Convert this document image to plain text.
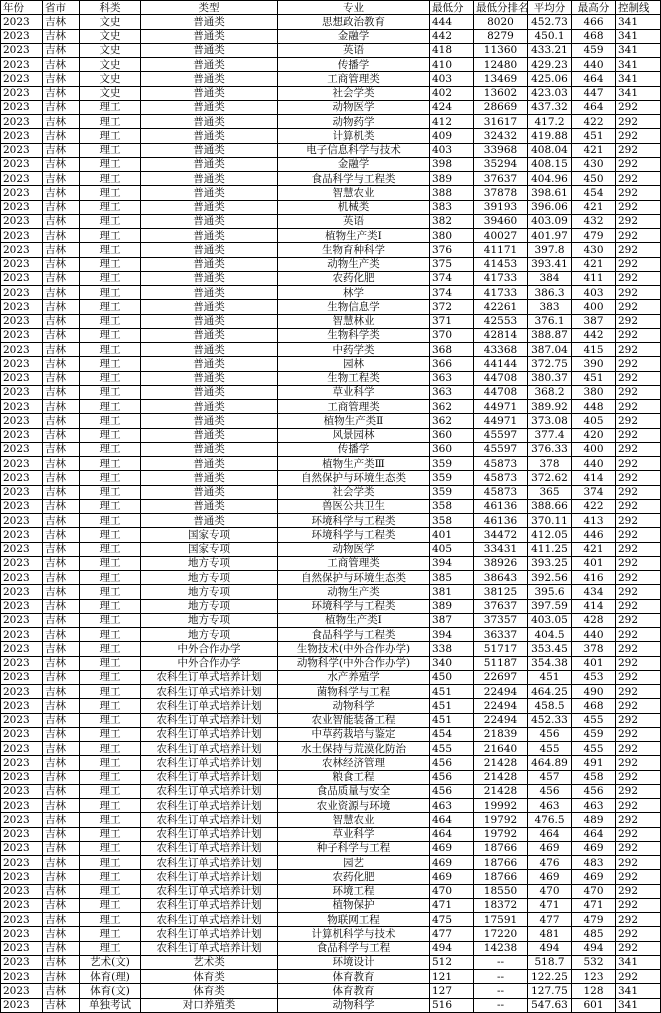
年份	省市	科类	类型	专业	最低分	最低分排名	平均分	最高分	控制线
2023	吉林	文史	普通类	思想政治教育	444	8020	452.73	466	341
2023	吉林	文史	普通类	金融学	442	8279	450.1	468	341
2023	吉林	文史	普通类	英语	418	11360	433.21	459	341
2023	吉林	文史	普通类	传播学	410	12480	429.23	440	341
2023	吉林	文史	普通类	工商管理类	403	13469	425.06	464	341
2023	吉林	文史	普通类	社会学类	402	13602	423.03	447	341
2023	吉林	理工	普通类	动物医学	424	28669	437.32	464	292
2023	吉林	理工	普通类	动物药学	412	31617	417.2	422	292
2023	吉林	理工	普通类	计算机类	409	32432	419.88	451	292
2023	吉林	理工	普通类	电子信息科学与技术	403	33968	408.04	421	292
2023	吉林	理工	普通类	金融学	398	35294	408.15	430	292
2023	吉林	理工	普通类	食品科学与工程类	389	37637	404.96	450	292
2023	吉林	理工	普通类	智慧农业	388	37878	398.61	454	292
2023	吉林	理工	普通类	机械类	383	39193	396.06	421	292
2023	吉林	理工	普通类	英语	382	39460	403.09	432	292
2023	吉林	理工	普通类	植物生产类Ⅰ	380	40027	401.97	479	292
2023	吉林	理工	普通类	生物育种科学	376	41171	397.8	430	292
2023	吉林	理工	普通类	动物生产类	375	41453	393.41	421	292
2023	吉林	理工	普通类	农药化肥	374	41733	384	411	292
2023	吉林	理工	普通类	林学	374	41733	386.3	403	292
2023	吉林	理工	普通类	生物信息学	372	42261	383	400	292
2023	吉林	理工	普通类	智慧林业	371	42553	376.1	387	292
2023	吉林	理工	普通类	生物科学类	370	42814	388.87	442	292
2023	吉林	理工	普通类	中药学类	368	43368	387.04	415	292
2023	吉林	理工	普通类	园林	366	44144	372.75	390	292
2023	吉林	理工	普通类	生物工程类	363	44708	380.37	451	292
2023	吉林	理工	普通类	草业科学	363	44708	368.2	380	292
2023	吉林	理工	普通类	工商管理类	362	44971	389.92	448	292
2023	吉林	理工	普通类	植物生产类Ⅱ	362	44971	373.08	405	292
2023	吉林	理工	普通类	风景园林	360	45597	377.4	420	292
2023	吉林	理工	普通类	传播学	360	45597	376.33	400	292
2023	吉林	理工	普通类	植物生产类Ⅲ	359	45873	378	440	292
2023	吉林	理工	普通类	自然保护与环境生态类	359	45873	372.62	414	292
2023	吉林	理工	普通类	社会学类	359	45873	365	374	292
2023	吉林	理工	普通类	兽医公共卫生	358	46136	388.66	422	292
2023	吉林	理工	普通类	环境科学与工程类	358	46136	370.11	413	292
2023	吉林	理工	国家专项	环境科学与工程类	401	34472	412.05	446	292
2023	吉林	理工	国家专项	动物医学	405	33431	411.25	421	292
2023	吉林	理工	地方专项	工商管理类	394	38926	393.25	401	292
2023	吉林	理工	地方专项	自然保护与环境生态类	385	38643	392.56	416	292
2023	吉林	理工	地方专项	动物生产类	381	38125	395.6	434	292
2023	吉林	理工	地方专项	环境科学与工程类	389	37637	397.59	414	292
2023	吉林	理工	地方专项	植物生产类Ⅰ	387	37357	403.05	428	292
2023	吉林	理工	地方专项	食品科学与工程类	394	36337	404.5	440	292
2023	吉林	理工	中外合作办学	生物技术(中外合作办学)	338	51717	353.45	378	292
2023	吉林	理工	中外合作办学	动物科学(中外合作办学)	340	51187	354.38	401	292
2023	吉林	理工	农科生订单式培养计划	水产养殖学	450	22697	451	453	292
2023	吉林	理工	农科生订单式培养计划	菌物科学与工程	451	22494	464.25	490	292
2023	吉林	理工	农科生订单式培养计划	动物科学	451	22494	458.5	468	292
2023	吉林	理工	农科生订单式培养计划	农业智能装备工程	451	22494	452.33	455	292
2023	吉林	理工	农科生订单式培养计划	中草药栽培与鉴定	454	21839	456	459	292
2023	吉林	理工	农科生订单式培养计划	水土保持与荒漠化防治	455	21640	455	455	292
2023	吉林	理工	农科生订单式培养计划	农林经济管理	456	21428	464.89	491	292
2023	吉林	理工	农科生订单式培养计划	粮食工程	456	21428	457	458	292
2023	吉林	理工	农科生订单式培养计划	食品质量与安全	456	21428	456	456	292
2023	吉林	理工	农科生订单式培养计划	农业资源与环境	463	19992	463	463	292
2023	吉林	理工	农科生订单式培养计划	智慧农业	464	19792	476.5	489	292
2023	吉林	理工	农科生订单式培养计划	草业科学	464	19792	464	464	292
2023	吉林	理工	农科生订单式培养计划	种子科学与工程	469	18766	469	469	292
2023	吉林	理工	农科生订单式培养计划	园艺	469	18766	476	483	292
2023	吉林	理工	农科生订单式培养计划	农药化肥	469	18766	469	469	292
2023	吉林	理工	农科生订单式培养计划	环境工程	470	18550	470	470	292
2023	吉林	理工	农科生订单式培养计划	植物保护	471	18372	471	471	292
2023	吉林	理工	农科生订单式培养计划	物联网工程	475	17591	477	479	292
2023	吉林	理工	农科生订单式培养计划	计算机科学与技术	477	17220	481	485	292
2023	吉林	理工	农科生订单式培养计划	食品科学与工程	494	14238	494	494	292
2023	吉林	艺术(文)	艺术类	环境设计	512	--	518.7	532	341
2023	吉林	体育(理)	体育类	体育教育	121	--	122.25	123	292
2023	吉林	体育(文)	体育类	体育教育	127	--	127.75	128	341
2023	吉林	单独考试	对口养殖类	动物科学	516	--	547.63	601	341
